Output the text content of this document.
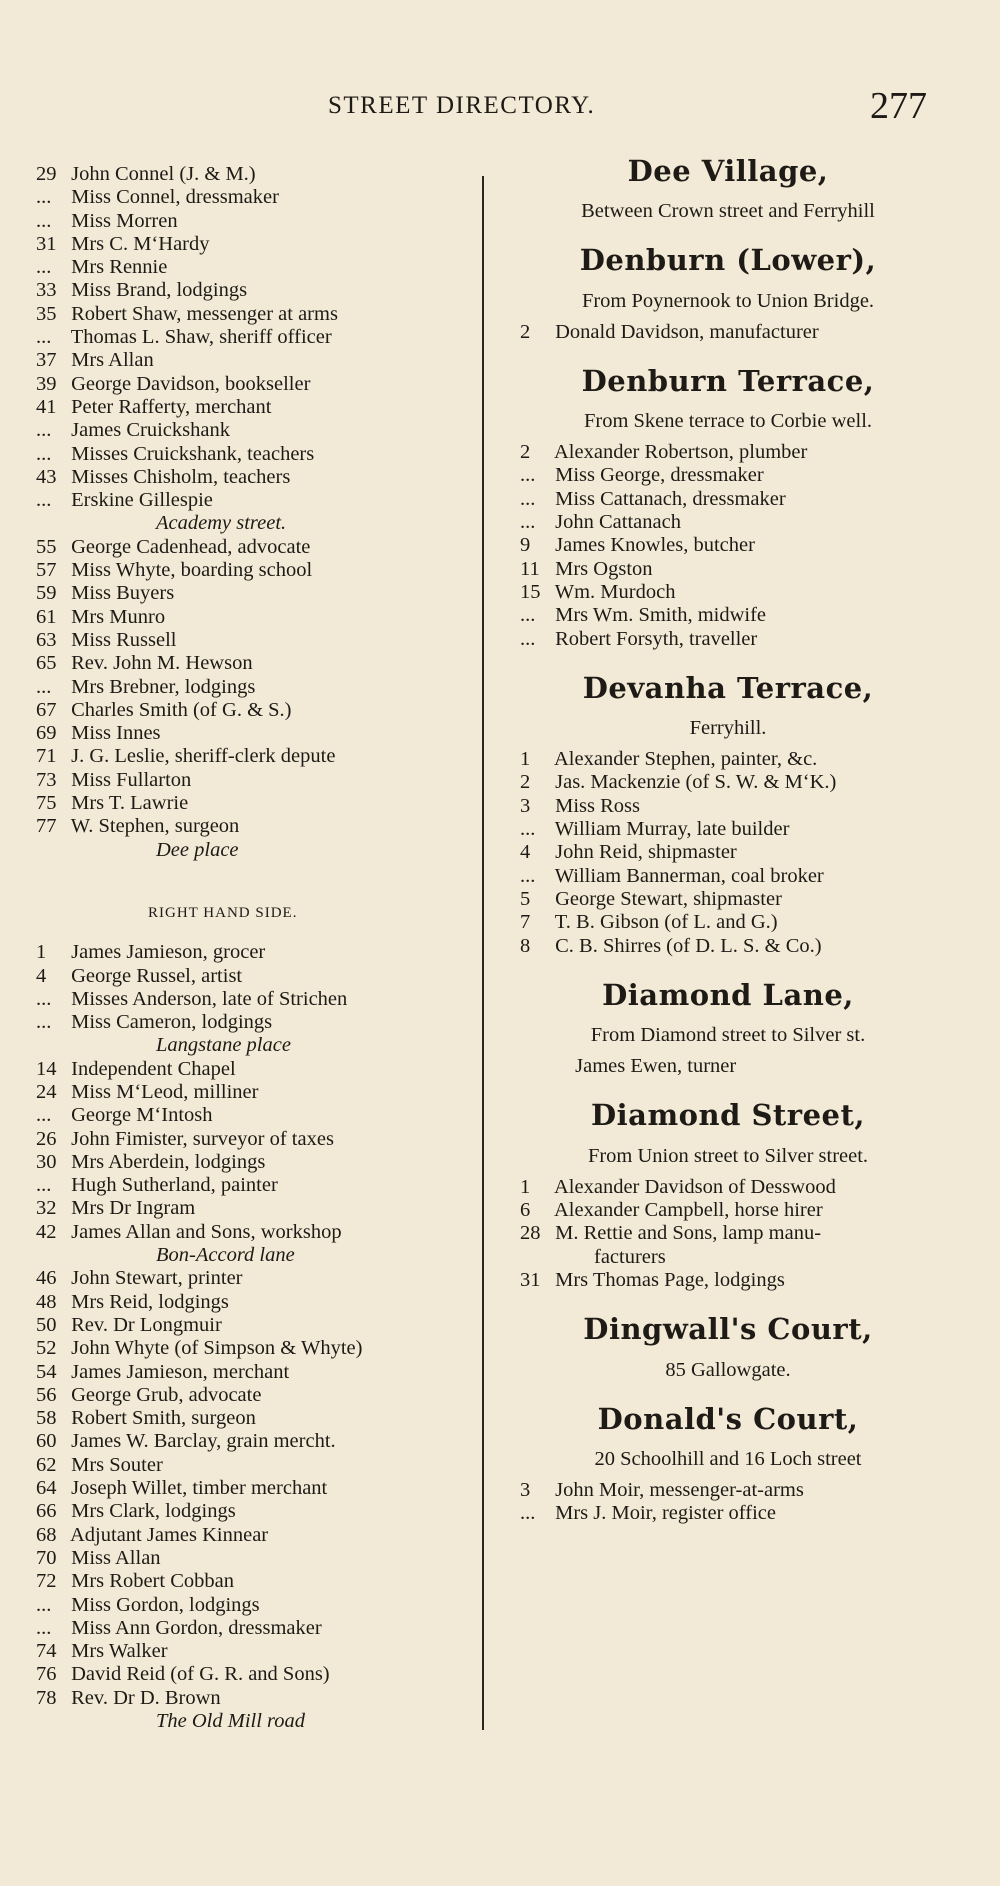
STREET DIRECTORY.	277
29 John Connel (J. & M.)
... Miss Connel, dressmaker
... Miss Morren
31 Mrs C. M‘Hardy
... Mrs Rennie
33 Miss Brand, lodgings
35 Robert Shaw, messenger at arms
... Thomas L. Shaw, sheriff officer
37 Mrs Allan
39 George Davidson, bookseller
41 Peter Rafferty, merchant
... James Cruickshank
... Misses Cruickshank, teachers
43 Misses Chisholm, teachers
... Erskine Gillespie
Academy street.
55 George Cadenhead, advocate
57 Miss Whyte, boarding school
59 Miss Buyers
61 Mrs Munro
63 Miss Russell
65 Rev. John M. Hewson
... Mrs Brebner, lodgings
67 Charles Smith (of G. & S.)
69 Miss Innes
71 J. G. Leslie, sheriff-clerk depute
73 Miss Fullarton
75 Mrs T. Lawrie
77 W. Stephen, surgeon
Dee place
RIGHT HAND SIDE.
1 James Jamieson, grocer
4 George Russel, artist
... Misses Anderson, late of Strichen
... Miss Cameron, lodgings
Langstane place
14 Independent Chapel
24 Miss M‘Leod, milliner
... George M‘Intosh
26 John Fimister, surveyor of taxes
30 Mrs Aberdein, lodgings
... Hugh Sutherland, painter
32 Mrs Dr Ingram
42 James Allan and Sons, workshop
Bon-Accord lane
46 John Stewart, printer
48 Mrs Reid, lodgings
50 Rev. Dr Longmuir
52 John Whyte (of Simpson & Whyte)
54 James Jamieson, merchant
56 George Grub, advocate
58 Robert Smith, surgeon
60 James W. Barclay, grain mercht.
62 Mrs Souter
64 Joseph Willet, timber merchant
66 Mrs Clark, lodgings
68 Adjutant James Kinnear
70 Miss Allan
72 Mrs Robert Cobban
... Miss Gordon, lodgings
... Miss Ann Gordon, dressmaker
74 Mrs Walker
76 David Reid (of G. R. and Sons)
78 Rev. Dr D. Brown
The Old Mill road
Dee Village,
Between Crown street and Ferryhill
Denburn (Lower),
From Poynernook to Union Bridge.
2 Donald Davidson, manufacturer
Denburn Terrace,
From Skene terrace to Corbie well.
2 Alexander Robertson, plumber
... Miss George, dressmaker
... Miss Cattanach, dressmaker
... John Cattanach
9 James Knowles, butcher
11 Mrs Ogston
15 Wm. Murdoch
... Mrs Wm. Smith, midwife
... Robert Forsyth, traveller
Devanha Terrace,
Ferryhill.
1 Alexander Stephen, painter, &c.
2 Jas. Mackenzie (of S. W. & M‘K.)
3 Miss Ross
... William Murray, late builder
4 John Reid, shipmaster
... William Bannerman, coal broker
5 George Stewart, shipmaster
7 T. B. Gibson (of L. and G.)
8 C. B. Shirres (of D. L. S. & Co.)
Diamond Lane,
From Diamond street to Silver st.
James Ewen, turner
Diamond Street,
From Union street to Silver street.
1 Alexander Davidson of Desswood
6 Alexander Campbell, horse hirer
28 M. Rettie and Sons, lamp manu-
facturers
31 Mrs Thomas Page, lodgings
Dingwall's Court,
85 Gallowgate.
Donald's Court,
20 Schoolhill and 16 Loch street
3 John Moir, messenger-at-arms
... Mrs J. Moir, register office
